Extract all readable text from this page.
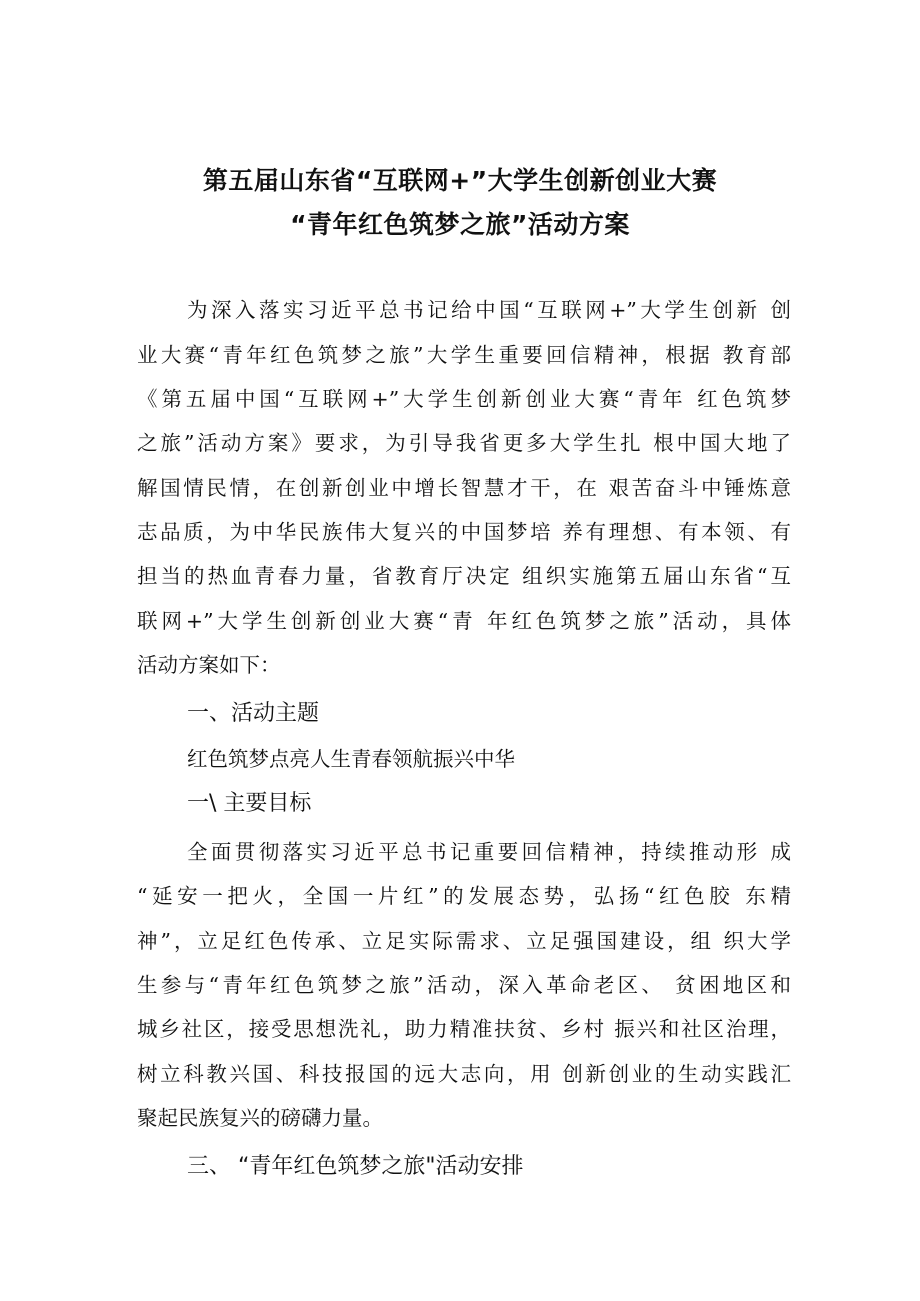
第五届山东省“互联网+”大学生创新创业大赛
“青年红色筑梦之旅”活动方案
为深入落实习近平总书记给中国“互联网+”大学生创新 创
业大赛“青年红色筑梦之旅”大学生重要回信精神，根据 教育部
《第五届中国“互联网+”大学生创新创业大赛“青年 红色筑梦
之旅”活动方案》要求，为引导我省更多大学生扎 根中国大地了
解国情民情，在创新创业中增长智慧才干，在 艰苦奋斗中锤炼意
志品质，为中华民族伟大复兴的中国梦培 养有理想、有本领、有
担当的热血青春力量，省教育厅决定 组织实施第五届山东省“互
联网+”大学生创新创业大赛“青 年红色筑梦之旅”活动，具体
活动方案如下：
一、活动主题
红色筑梦点亮人生青春领航振兴中华
一\ 主要目标
全面贯彻落实习近平总书记重要回信精神，持续推动形 成
“延安一把火，全国一片红”的发展态势，弘扬“红色胶 东精
神”，立足红色传承、立足实际需求、立足强国建设，组 织大学
生参与“青年红色筑梦之旅”活动，深入革命老区、 贫困地区和
城乡社区，接受思想洗礼，助力精准扶贫、乡村 振兴和社区治理，
树立科教兴国、科技报国的远大志向，用 创新创业的生动实践汇
聚起民族复兴的磅礴力量。
三、 “青年红色筑梦之旅"活动安排
